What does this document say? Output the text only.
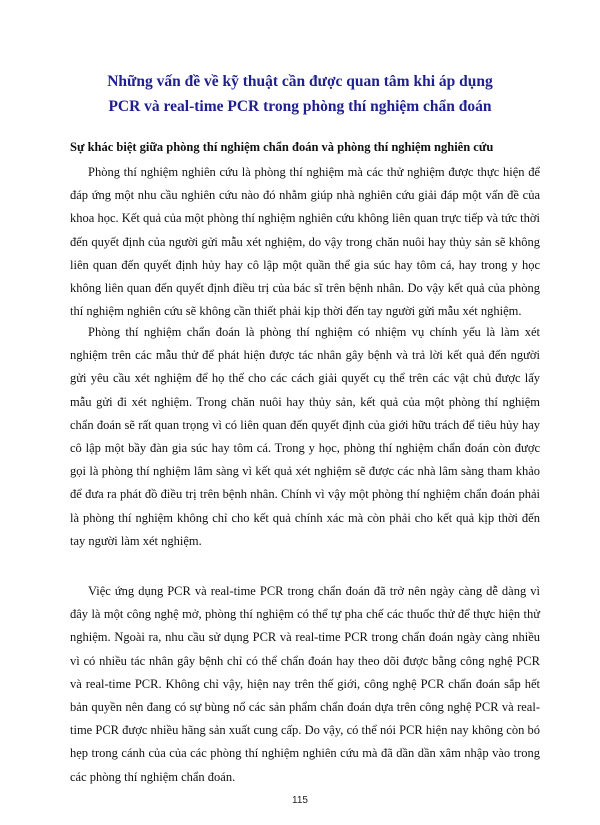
Những vấn đề về kỹ thuật cần được quan tâm khi áp dụng
PCR và real-time PCR trong phòng thí nghiệm chẩn đoán
Sự khác biệt giữa phòng thí nghiệm chẩn đoán và phòng thí nghiệm nghiên cứu

Phòng thí nghiệm nghiên cứu là phòng thí nghiệm mà các thử nghiệm được thực hiện để đáp ứng một nhu cầu nghiên cứu nào đó nhằm giúp nhà nghiên cứu giải đáp một vấn đề của khoa học. Kết quả của một phòng thí nghiệm nghiên cứu không liên quan trực tiếp và tức thời đến quyết định của người gửi mẫu xét nghiệm, do vậy trong chăn nuôi hay thủy sản sẽ không liên quan đến quyết định hủy hay cô lập một quần thể gia súc hay tôm cá, hay trong y học không liên quan đến quyết định điều trị của bác sĩ trên bệnh nhân. Do vậy kết quả của phòng thí nghiệm nghiên cứu sẽ không cần thiết phải kịp thời đến tay người gửi mẫu xét nghiệm.

Phòng thí nghiệm chẩn đoán là phòng thí nghiệm có nhiệm vụ chính yếu là làm xét nghiệm trên các mẫu thử để phát hiện được tác nhân gây bệnh và trả lời kết quả đến người gửi yêu cầu xét nghiệm để họ thể cho các cách giải quyết cụ thể trên các vật chủ được lấy mẫu gửi đi xét nghiệm. Trong chăn nuôi hay thủy sản, kết quả của một phòng thí nghiệm chẩn đoán sẽ rất quan trọng vì có liên quan đến quyết định của giới hữu trách để tiêu hủy hay cô lập một bầy đàn gia súc hay tôm cá. Trong y học, phòng thí nghiệm chẩn đoán còn được gọi là phòng thí nghiệm lâm sàng vì kết quả xét nghiệm sẽ được các nhà lâm sàng tham khảo để đưa ra phát đồ điều trị trên bệnh nhân. Chính vì vậy một phòng thí nghiệm chẩn đoán phải là phòng thí nghiệm không chỉ cho kết quả chính xác mà còn phải cho kết quả kịp thời đến tay người làm xét nghiệm.

Việc ứng dụng PCR và real-time PCR trong chẩn đoán đã trở nên ngày càng dễ dàng vì đây là một công nghệ mở, phòng thí nghiệm có thể tự pha chế các thuốc thử để thực hiện thử nghiệm. Ngoài ra, nhu cầu sử dụng PCR và real-time PCR trong chẩn đoán ngày càng nhiều vì có nhiều tác nhân gây bệnh chỉ có thể chẩn đoán hay theo dõi được bằng công nghệ PCR và real-time PCR. Không chỉ vậy, hiện nay trên thế giới, công nghệ PCR chẩn đoán sắp hết bản quyền nên đang có sự bùng nổ các sản phẩm chẩn đoán dựa trên công nghệ PCR và real-time PCR được nhiều hãng sản xuất cung cấp. Do vậy, có thể nói PCR hiện nay không còn bó hẹp trong cánh của của các phòng thí nghiệm nghiên cứu mà đã dần dần xâm nhập vào trong các phòng thí nghiệm chẩn đoán.

115
